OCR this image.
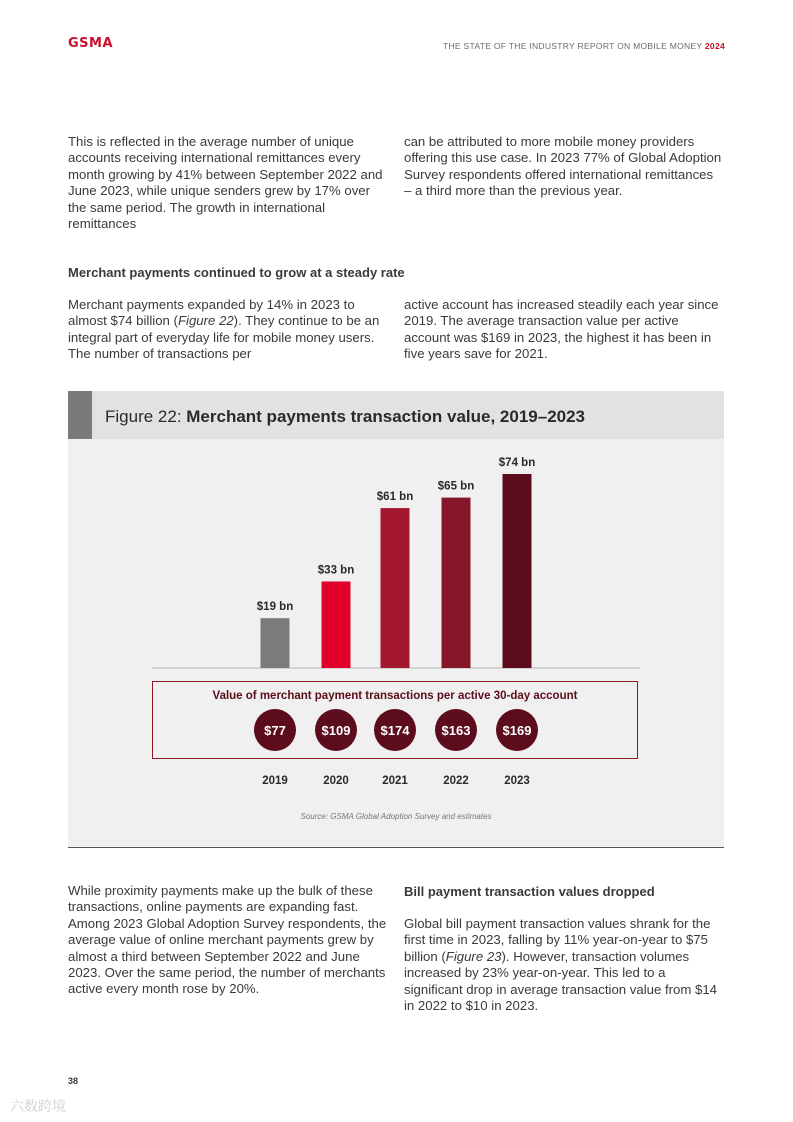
GSMA	THE STATE OF THE INDUSTRY REPORT ON MOBILE MONEY 2024

This is reflected in the average number of unique accounts receiving international remittances every month growing by 41% between September 2022 and June 2023, while unique senders grew by 17% over the same period. The growth in international remittances

can be attributed to more mobile money providers offering this use case. In 2023 77% of Global Adoption Survey respondents offered international remittances – a third more than the previous year.

Merchant payments continued to grow at a steady rate

Merchant payments expanded by 14% in 2023 to almost $74 billion (Figure 22). They continue to be an integral part of everyday life for mobile money users. The number of transactions per

active account has increased steadily each year since 2019. The average transaction value per active account was $169 in 2023, the highest it has been in five years save for 2021.

Figure 22: Merchant payments transaction value, 2019–2023
$19 bn
$33 bn
$61 bn
$65 bn
$74 bn
Value of merchant payment transactions per active 30-day account
$77	$109	$174	$163	$169
2019	2020	2021	2022	2023
Source: GSMA Global Adoption Survey and estimates

While proximity payments make up the bulk of these transactions, online payments are expanding fast. Among 2023 Global Adoption Survey respondents, the average value of online merchant payments grew by almost a third between September 2022 and June 2023. Over the same period, the number of merchants active every month rose by 20%.

Bill payment transaction values dropped

Global bill payment transaction values shrank for the first time in 2023, falling by 11% year-on-year to $75 billion (Figure 23). However, transaction volumes increased by 23% year-on-year. This led to a significant drop in average transaction value from $14 in 2022 to $10 in 2023.

38
六数跨境
